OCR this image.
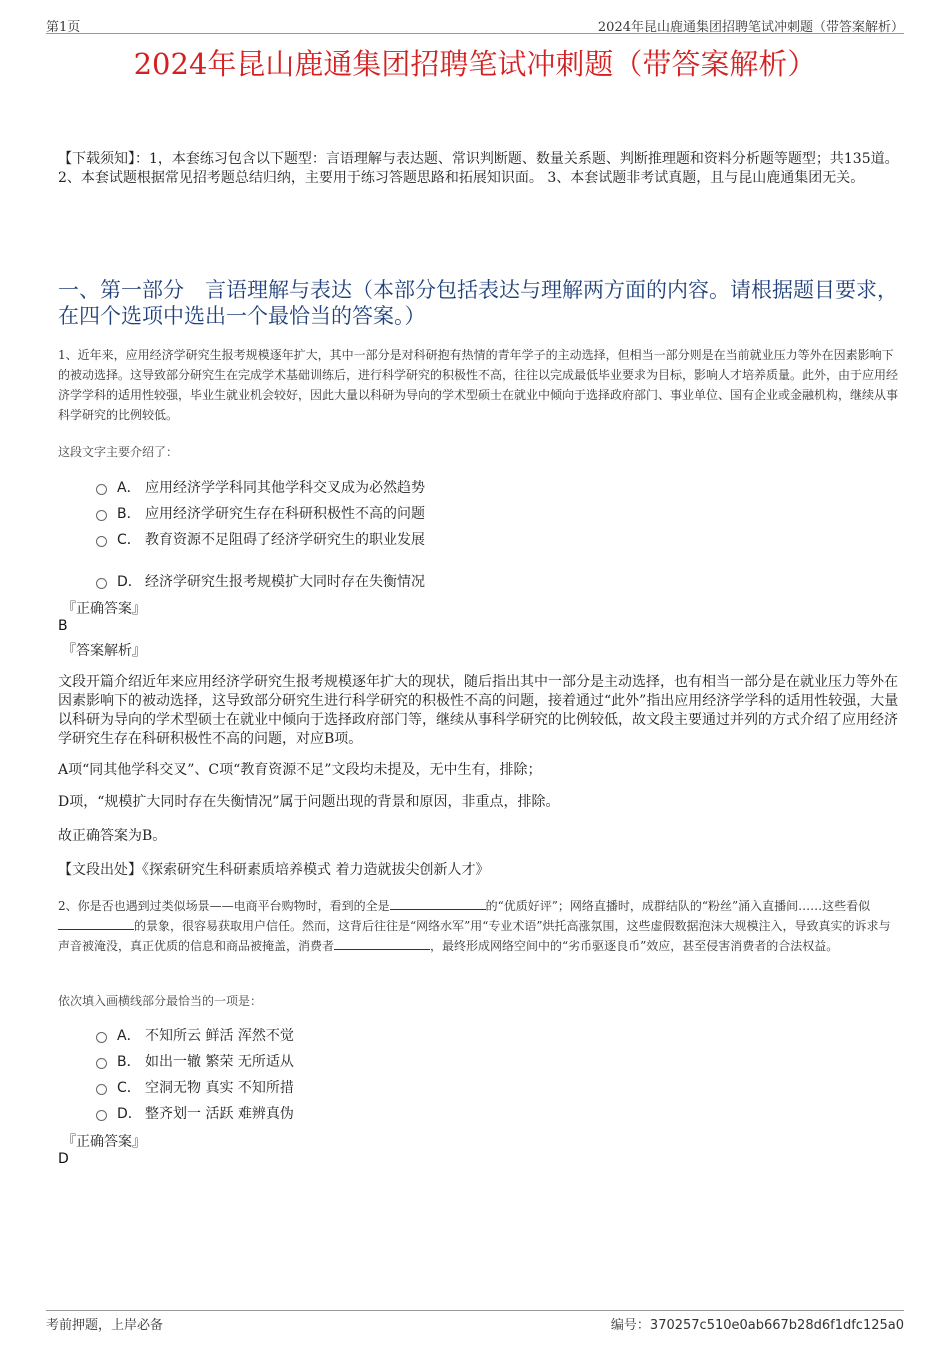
第1页	2024年昆山鹿通集团招聘笔试冲刺题（带答案解析）
2024年昆山鹿通集团招聘笔试冲刺题（带答案解析）
【下载须知】：1，本套练习包含以下题型：言语理解与表达题、常识判断题、数量关系题、判断推理题和资料分析题等题型；共135道。 2、本套试题根据常见招考题总结归纳，主要用于练习答题思路和拓展知识面。 3、本套试题非考试真题，且与昆山鹿通集团无关。
一、第一部分　言语理解与表达（本部分包括表达与理解两方面的内容。请根据题目要求，在四个选项中选出一个最恰当的答案。）
1、近年来，应用经济学研究生报考规模逐年扩大，其中一部分是对科研抱有热情的青年学子的主动选择，但相当一部分则是在当前就业压力等外在因素影响下的被动选择。这导致部分研究生在完成学术基础训练后，进行科学研究的积极性不高，往往以完成最低毕业要求为目标，影响人才培养质量。此外，由于应用经济学学科的适用性较强，毕业生就业机会较好，因此大量以科研为导向的学术型硕士在就业中倾向于选择政府部门、事业单位、国有企业或金融机构，继续从事科学研究的比例较低。
这段文字主要介绍了：
A． 应用经济学学科同其他学科交叉成为必然趋势
B． 应用经济学研究生存在科研积极性不高的问题
C． 教育资源不足阻碍了经济学研究生的职业发展
D． 经济学研究生报考规模扩大同时存在失衡情况
『正确答案』
B
『答案解析』
文段开篇介绍近年来应用经济学研究生报考规模逐年扩大的现状，随后指出其中一部分是主动选择，也有相当一部分是在就业压力等外在因素影响下的被动选择，这导致部分研究生进行科学研究的积极性不高的问题，接着通过“此外”指出应用经济学学科的适用性较强，大量以科研为导向的学术型硕士在就业中倾向于选择政府部门等，继续从事科学研究的比例较低，故文段主要通过并列的方式介绍了应用经济学研究生存在科研积极性不高的问题，对应B项。
A项“同其他学科交叉”、C项“教育资源不足”文段均未提及，无中生有，排除；
D项，“规模扩大同时存在失衡情况”属于问题出现的背景和原因，非重点，排除。
故正确答案为B。
【文段出处】《探索研究生科研素质培养模式 着力造就拔尖创新人才》
2、你是否也遇到过类似场景——电商平台购物时，看到的全是	的“优质好评”；网络直播时，成群结队的“粉丝”涌入直播间……这些看似的景象，很容易获取用户信任。然而，这背后往往是“网络水军”用“专业术语”烘托高涨氛围，这些虚假数据泡沫大规模注入，导致真实的诉求与声音被淹没，真正优质的信息和商品被掩盖，消费者	，最终形成网络空间中的“劣币驱逐良币”效应，甚至侵害消费者的合法权益。
依次填入画横线部分最恰当的一项是：
A． 不知所云 鲜活 浑然不觉
B． 如出一辙 繁荣 无所适从
C． 空洞无物 真实 不知所措
D． 整齐划一 活跃 难辨真伪
『正确答案』
D
考前押题，上岸必备	编号：370257c510e0ab667b28d6f1dfc125a0
